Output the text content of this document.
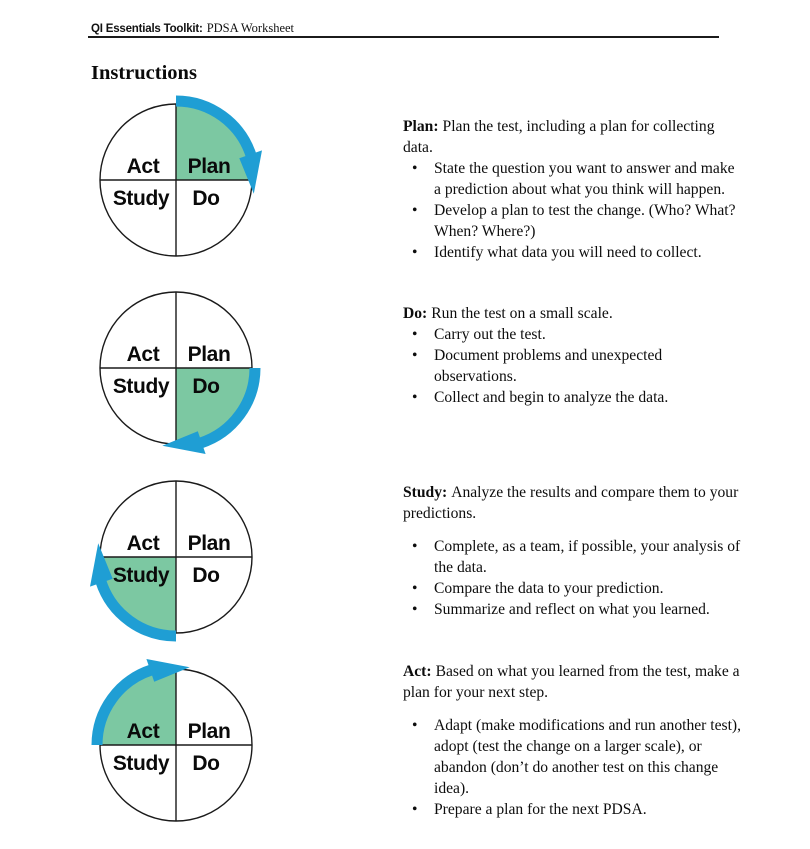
QI Essentials Toolkit: PDSA Worksheet
Instructions
Act Plan
Study Do

Plan: Plan the test, including a plan for collecting data.

•	State the question you want to answer and make a prediction about what you think will happen.
•	Develop a plan to test the change. (Who? What? When? Where?)
•	Identify what data you will need to collect.
Act Plan
Study Do

Do: Run the test on a small scale.

•	Carry out the test.
•	Document problems and unexpected observations.
•	Collect and begin to analyze the data.
Act Plan
Study Do

Study: Analyze the results and compare them to your predictions.

•	Complete, as a team, if possible, your analysis of the data.
•	Compare the data to your prediction.
•	Summarize and reflect on what you learned.
Act Plan
Study Do

Act: Based on what you learned from the test, make a plan for your next step.

•	Adapt (make modifications and run another test), adopt (test the change on a larger scale), or abandon (don’t do another test on this change idea).
•	Prepare a plan for the next PDSA.
